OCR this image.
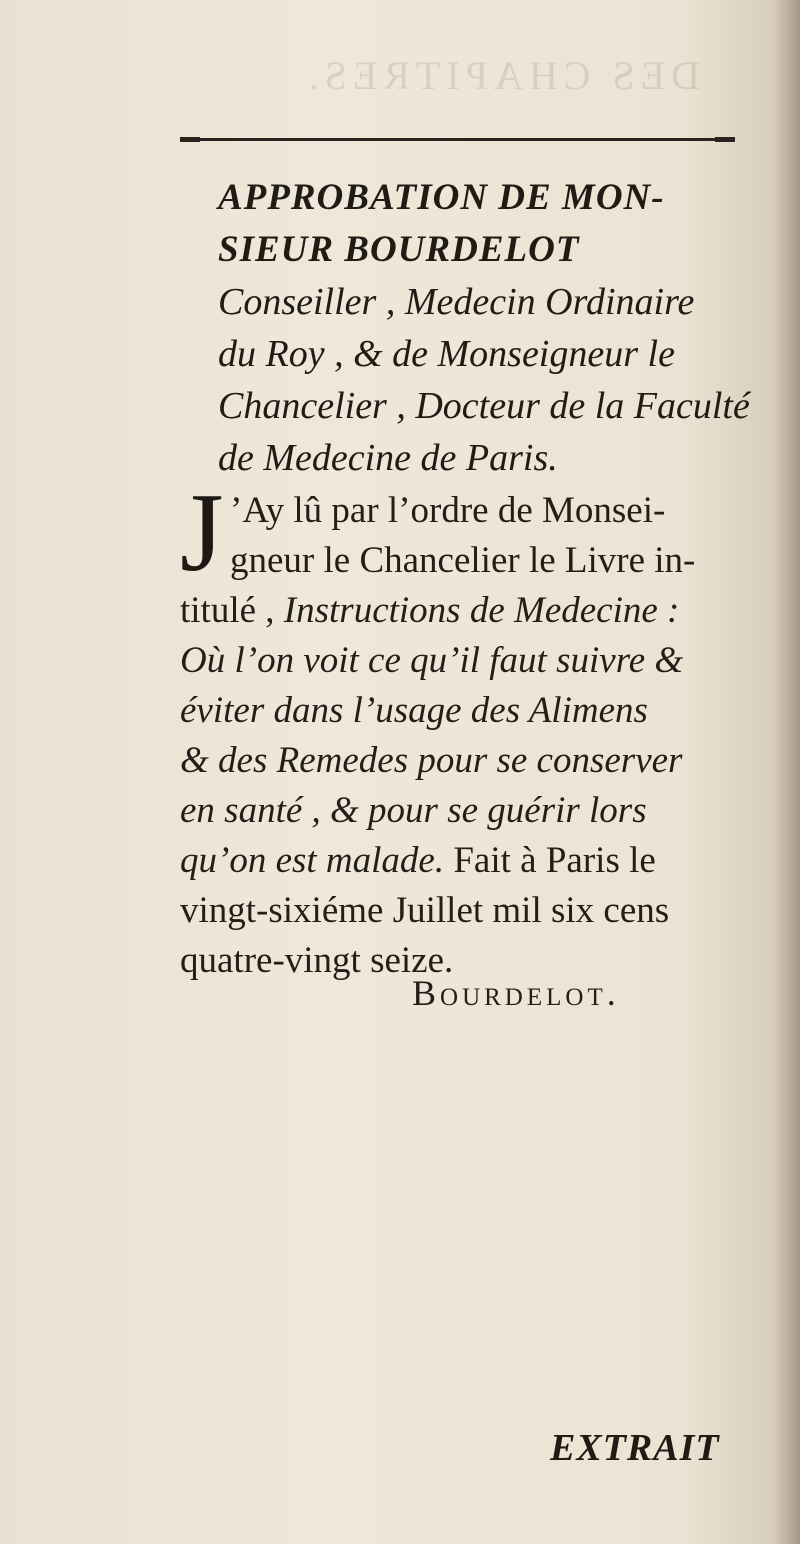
DES CHAPITRES.
APPROBATION DE MON-
SIEUR BOURDELOT
Conseiller , Medecin Ordinaire
du Roy , & de Monseigneur le
Chancelier , Docteur de la Faculté
de Medecine de Paris.
J ’Ay lû par l’ordre de Monsei-
gneur le Chancelier le Livre in-
titulé , Instructions de Medecine :
Où l’on voit ce qu’il faut suivre &
éviter dans l’usage des Alimens
& des Remedes pour se conserver
en santé , & pour se guérir lors
qu’on est malade. Fait à Paris le
vingt-sixiéme Juillet mil six cens
quatre-vingt seize.
Bourdelot.
EXTRAIT
